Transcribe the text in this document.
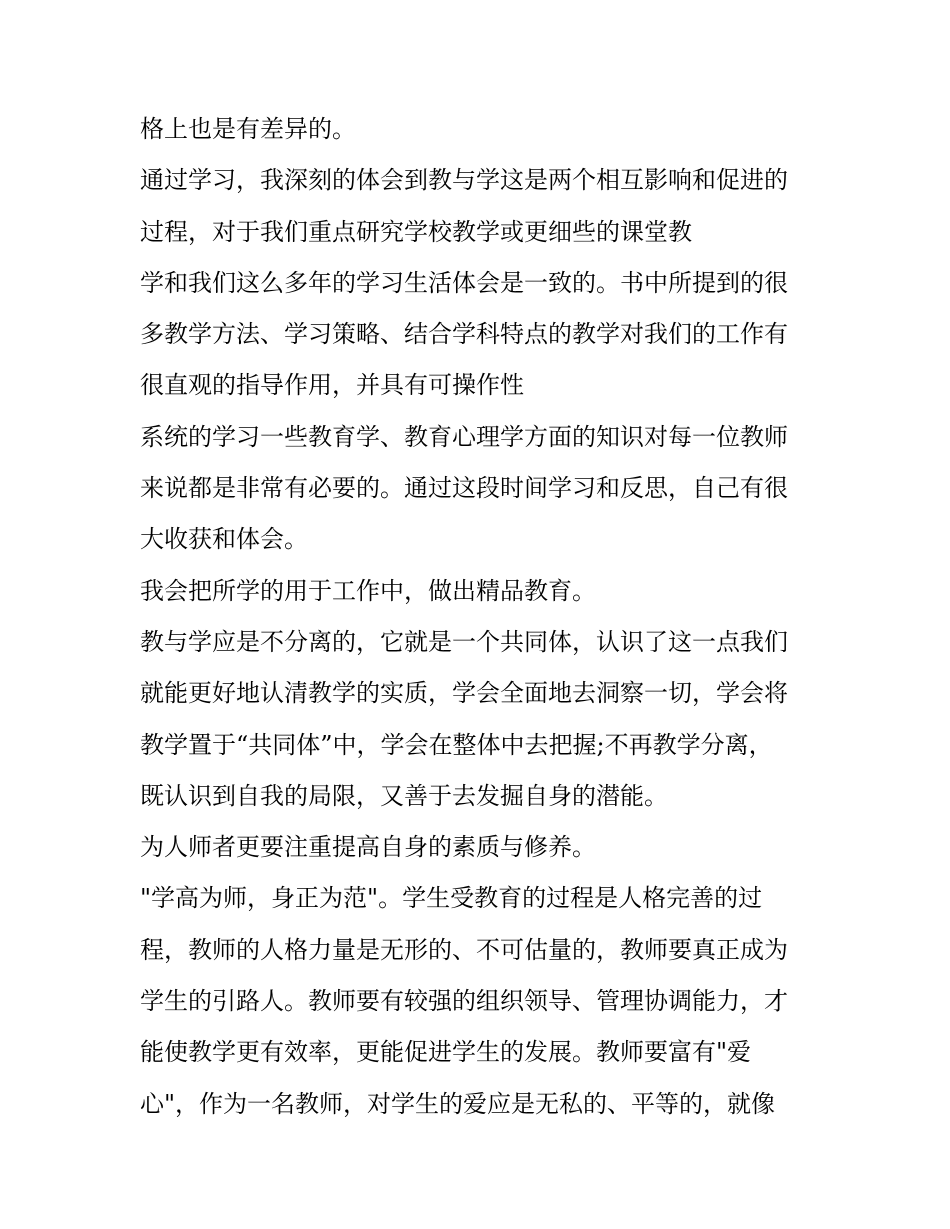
格上也是有差异的。
通过学习，我深刻的体会到教与学这是两个相互影响和促进的
过程，对于我们重点研究学校教学或更细些的课堂教
学和我们这么多年的学习生活体会是一致的。书中所提到的很
多教学方法、学习策略、结合学科特点的教学对我们的工作有
很直观的指导作用，并具有可操作性
系统的学习一些教育学、教育心理学方面的知识对每一位教师
来说都是非常有必要的。通过这段时间学习和反思，自己有很
大收获和体会。
我会把所学的用于工作中，做出精品教育。
教与学应是不分离的，它就是一个共同体，认识了这一点我们
就能更好地认清教学的实质，学会全面地去洞察一切，学会将
教学置于“共同体”中，学会在整体中去把握;不再教学分离，
既认识到自我的局限，又善于去发掘自身的潜能。
为人师者更要注重提高自身的素质与修养。
"学高为师，身正为范"。学生受教育的过程是人格完善的过
程，教师的人格力量是无形的、不可估量的，教师要真正成为
学生的引路人。教师要有较强的组织领导、管理协调能力，才
能使教学更有效率，更能促进学生的发展。教师要富有"爱
心"，作为一名教师，对学生的爱应是无私的、平等的，就像
